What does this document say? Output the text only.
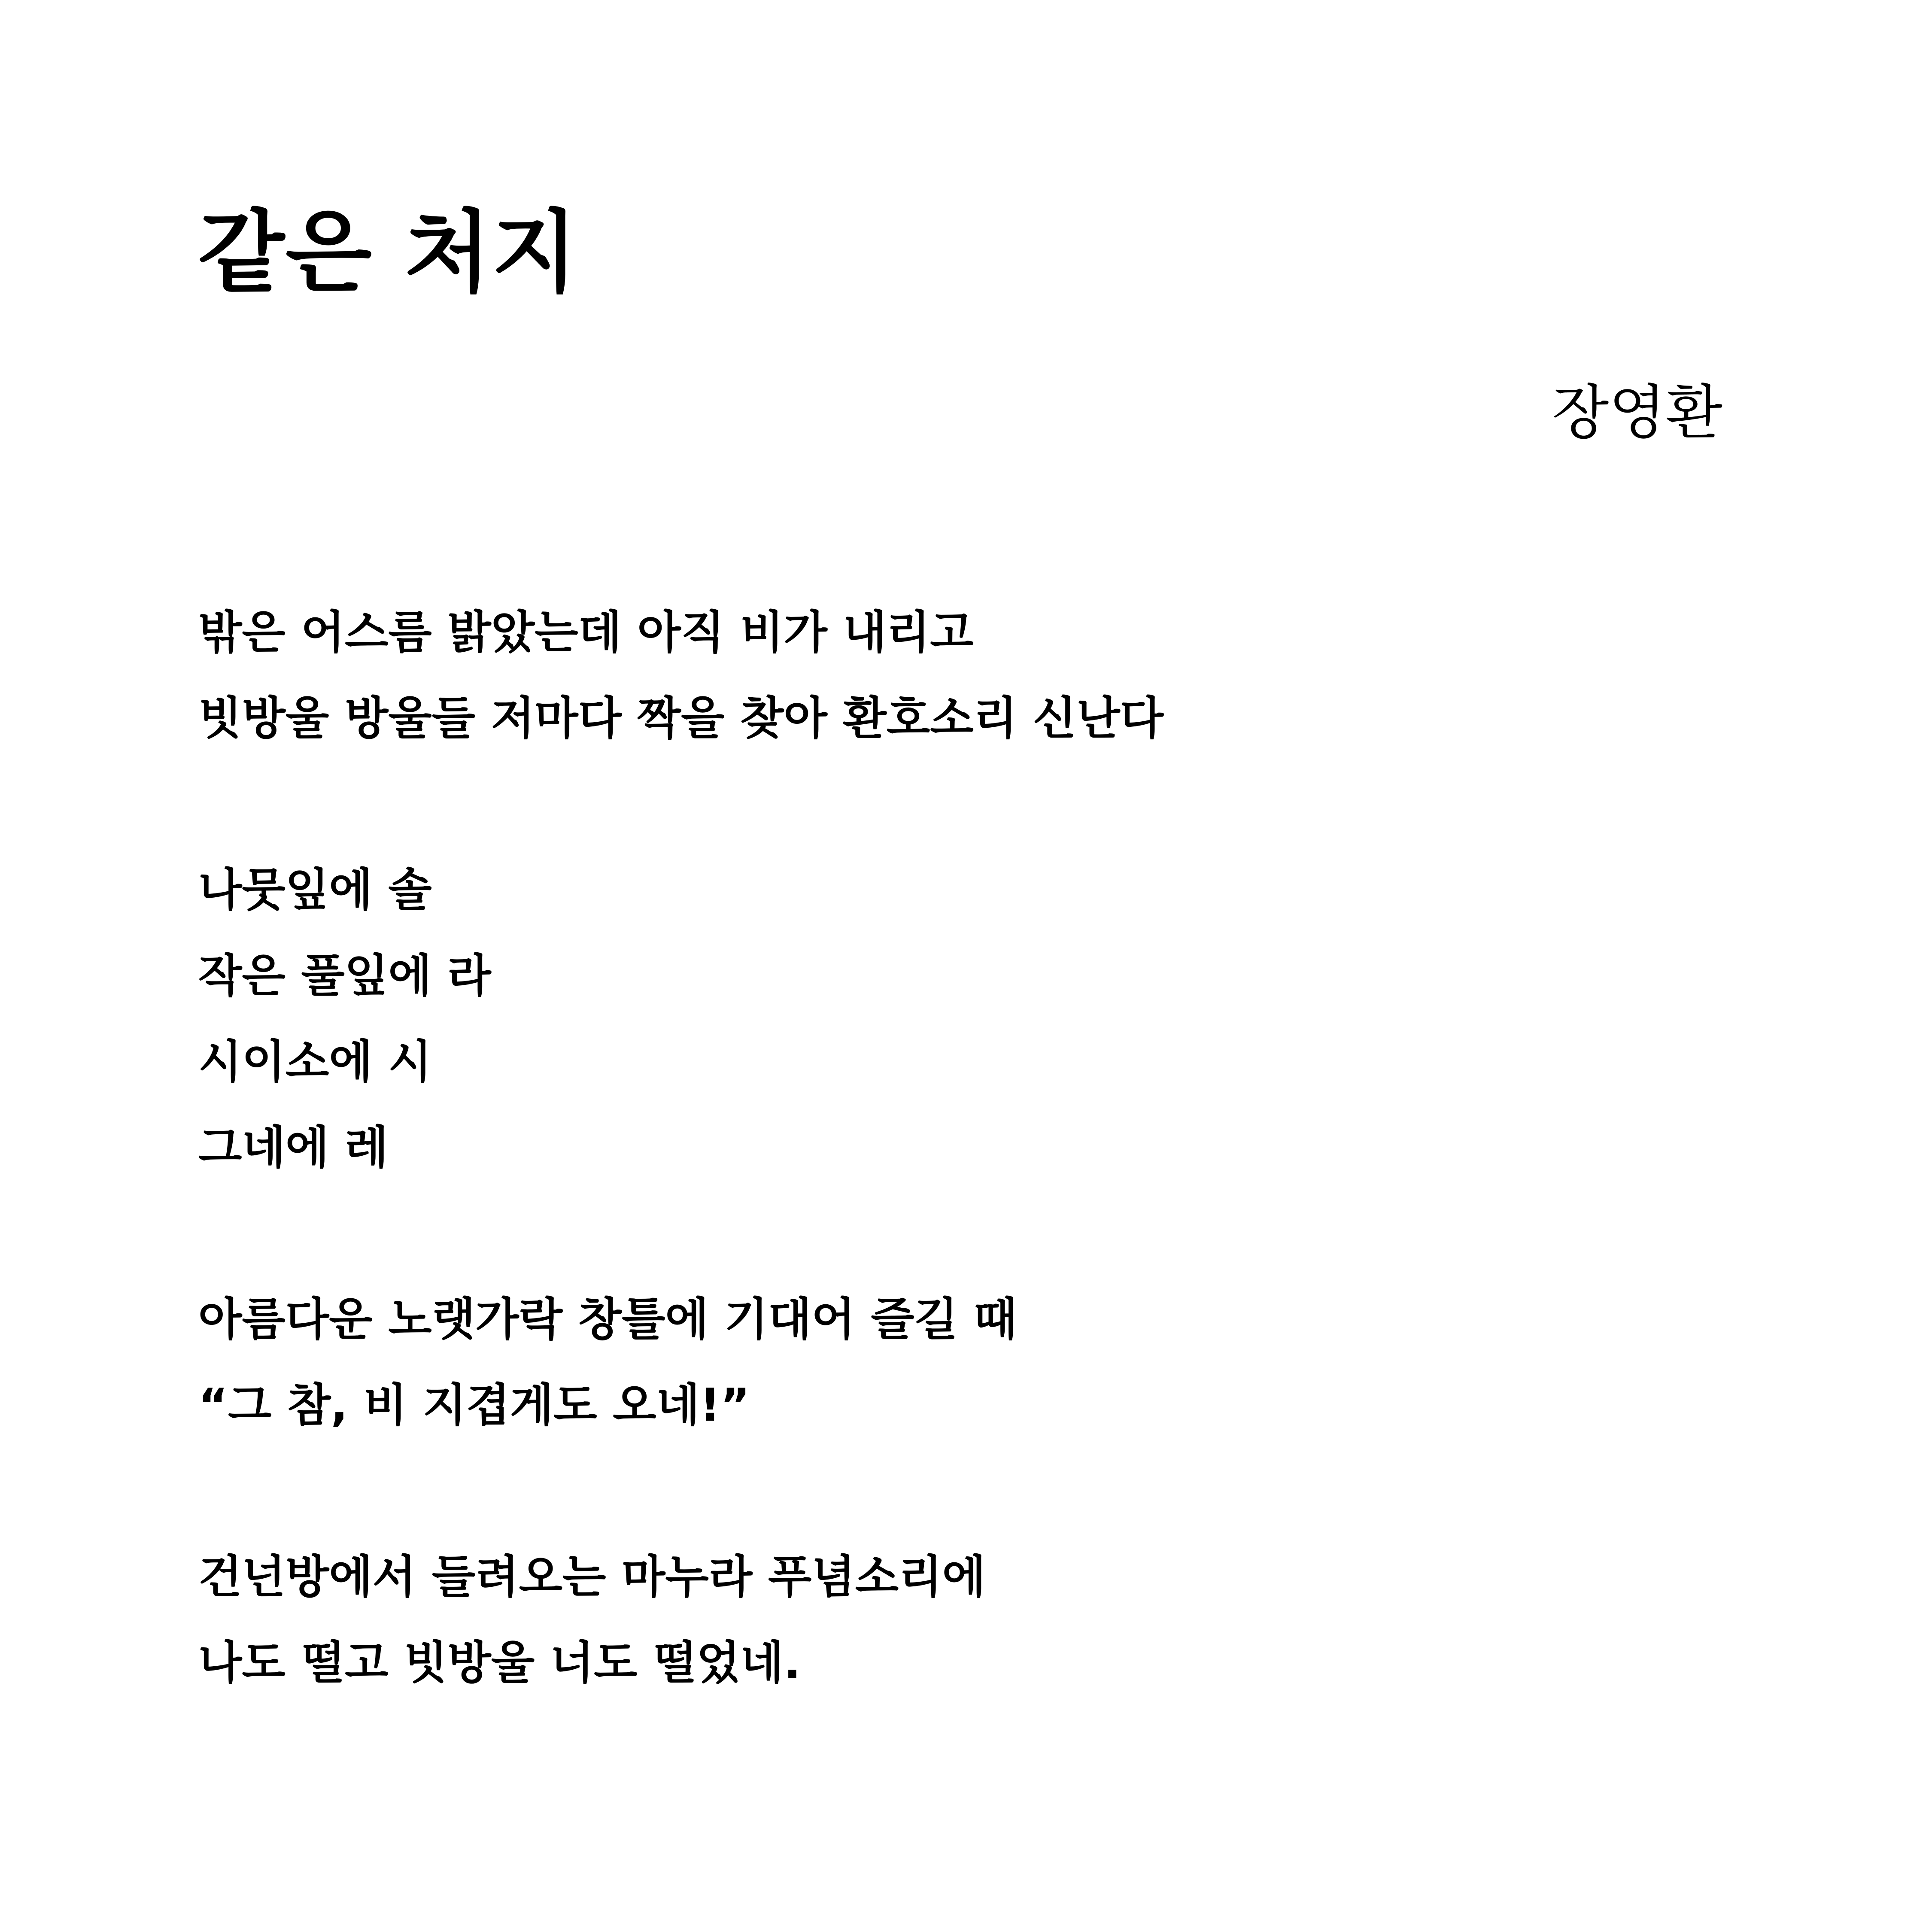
같은 처지

장영환

밖은 어스름 밝았는데 아직 비가 내리고

빗방울 방울들 저마다 짝을 찾아 환호소리 신난다

나뭇잎에 솔

작은 풀잎에 라

시이소에 시

그네에 레

아름다운 노랫가락 창틀에 기대어 즐길 때

“그 참, 비 지겹게도 오네!”

건넌방에서 들려오는 마누라 푸념소리에

나도 떨고 빗방울 너도 떨었네.
